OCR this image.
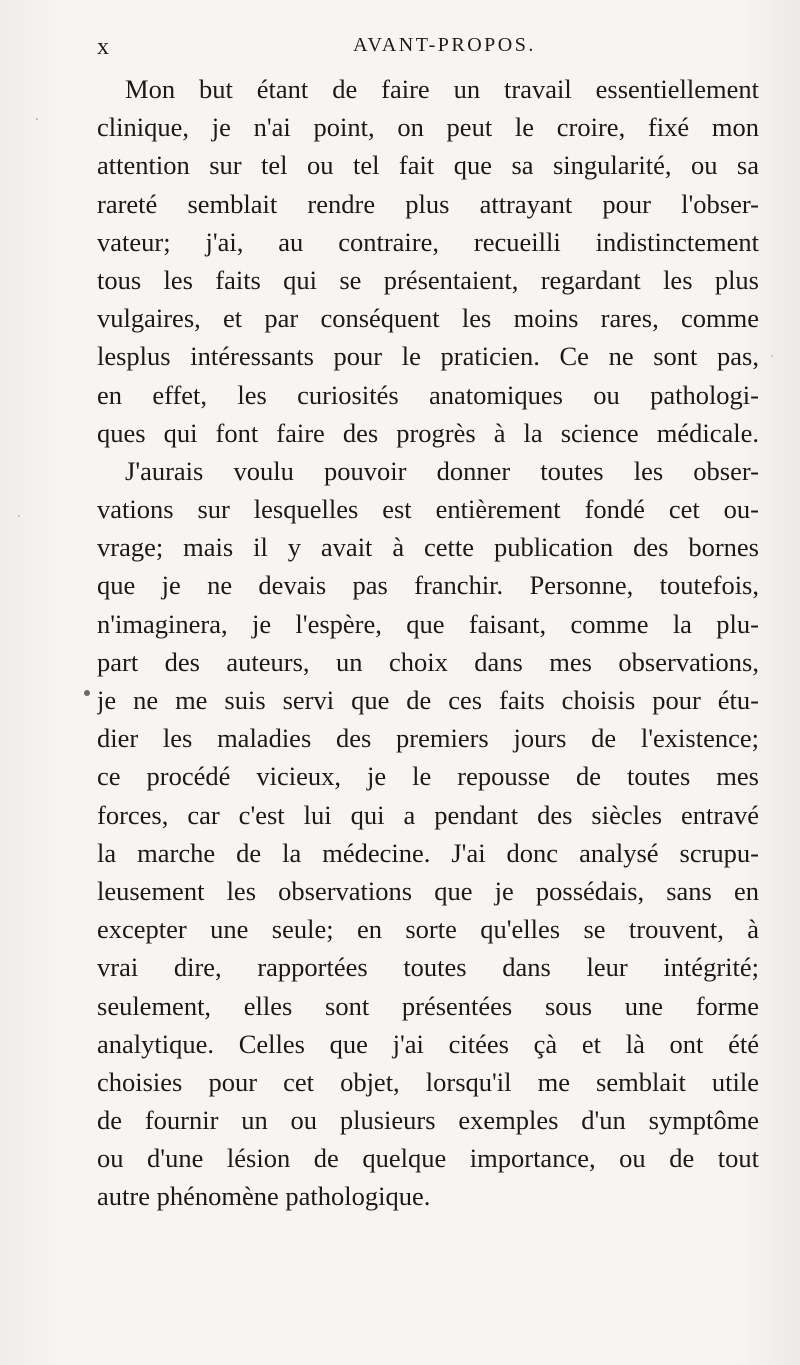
x	AVANT-PROPOS.
Mon but étant de faire un travail essentiellement
clinique, je n'ai point, on peut le croire, fixé mon
attention sur tel ou tel fait que sa singularité, ou sa
rareté semblait rendre plus attrayant pour l'obser-
vateur; j'ai, au contraire, recueilli indistinctement
tous les faits qui se présentaient, regardant les plus
vulgaires, et par conséquent les moins rares, comme
lesplus intéressants pour le praticien. Ce ne sont pas,
en effet, les curiosités anatomiques ou pathologi-
ques qui font faire des progrès à la science médicale.
J'aurais voulu pouvoir donner toutes les obser-
vations sur lesquelles est entièrement fondé cet ou-
vrage; mais il y avait à cette publication des bornes
que je ne devais pas franchir. Personne, toutefois,
n'imaginera, je l'espère, que faisant, comme la plu-
part des auteurs, un choix dans mes observations,
je ne me suis servi que de ces faits choisis pour étu-
dier les maladies des premiers jours de l'existence;
ce procédé vicieux, je le repousse de toutes mes
forces, car c'est lui qui a pendant des siècles entravé
la marche de la médecine. J'ai donc analysé scrupu-
leusement les observations que je possédais, sans en
excepter une seule; en sorte qu'elles se trouvent, à
vrai dire, rapportées toutes dans leur intégrité;
seulement, elles sont présentées sous une forme
analytique. Celles que j'ai citées çà et là ont été
choisies pour cet objet, lorsqu'il me semblait utile
de fournir un ou plusieurs exemples d'un symptôme
ou d'une lésion de quelque importance, ou de tout
autre phénomène pathologique.
